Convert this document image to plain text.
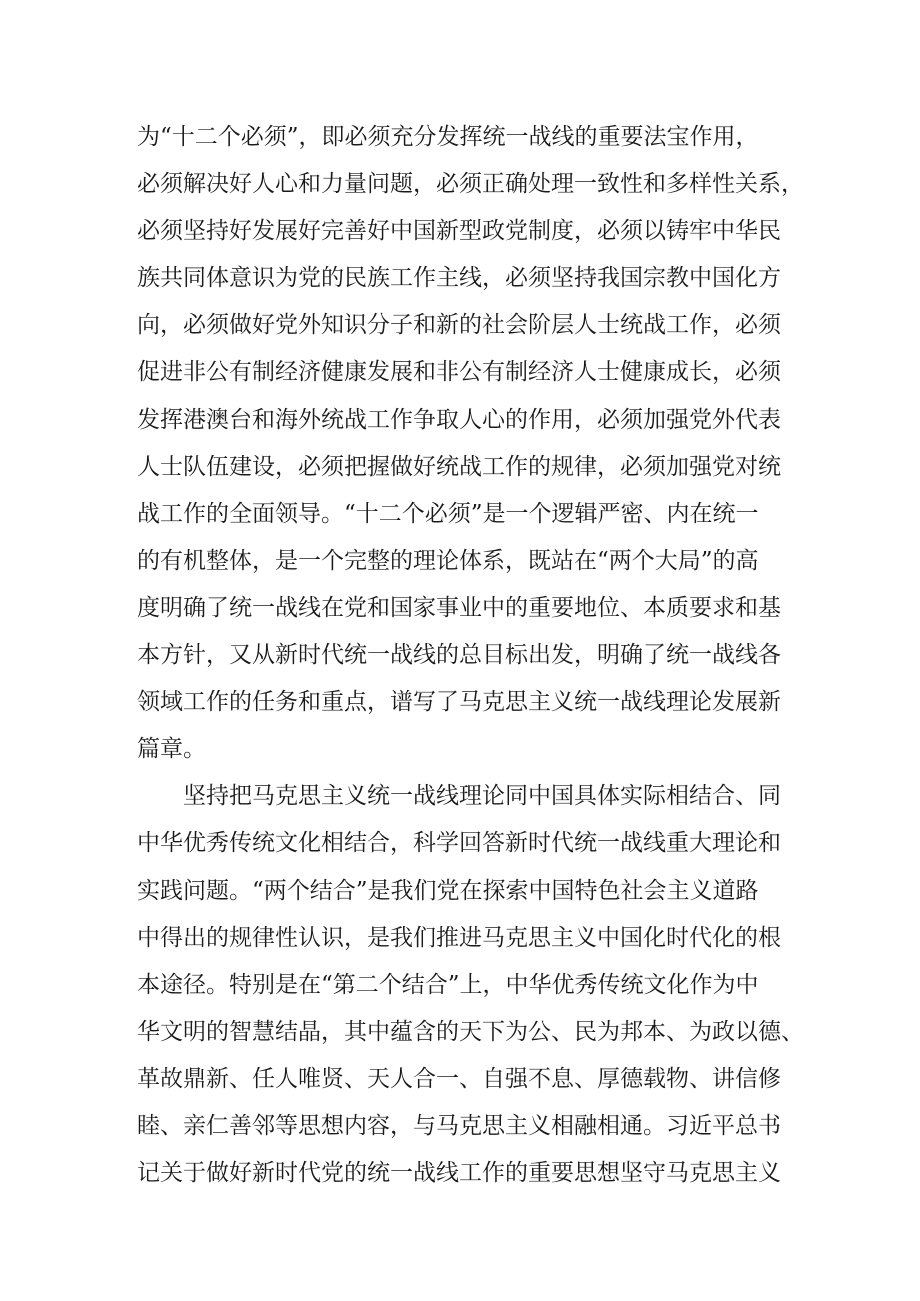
为“十二个必须”，即必须充分发挥统一战线的重要法宝作用，
必须解决好人心和力量问题，必须正确处理一致性和多样性关系，
必须坚持好发展好完善好中国新型政党制度，必须以铸牢中华民
族共同体意识为党的民族工作主线，必须坚持我国宗教中国化方
向，必须做好党外知识分子和新的社会阶层人士统战工作，必须
促进非公有制经济健康发展和非公有制经济人士健康成长，必须
发挥港澳台和海外统战工作争取人心的作用，必须加强党外代表
人士队伍建设，必须把握做好统战工作的规律，必须加强党对统
战工作的全面领导。“十二个必须”是一个逻辑严密、内在统一
的有机整体，是一个完整的理论体系，既站在“两个大局”的高
度明确了统一战线在党和国家事业中的重要地位、本质要求和基
本方针，又从新时代统一战线的总目标出发，明确了统一战线各
领域工作的任务和重点，谱写了马克思主义统一战线理论发展新
篇章。
　　坚持把马克思主义统一战线理论同中国具体实际相结合、同
中华优秀传统文化相结合，科学回答新时代统一战线重大理论和
实践问题。“两个结合”是我们党在探索中国特色社会主义道路
中得出的规律性认识，是我们推进马克思主义中国化时代化的根
本途径。特别是在“第二个结合”上，中华优秀传统文化作为中
华文明的智慧结晶，其中蕴含的天下为公、民为邦本、为政以德、
革故鼎新、任人唯贤、天人合一、自强不息、厚德载物、讲信修
睦、亲仁善邻等思想内容，与马克思主义相融相通。习近平总书
记关于做好新时代党的统一战线工作的重要思想坚守马克思主义
